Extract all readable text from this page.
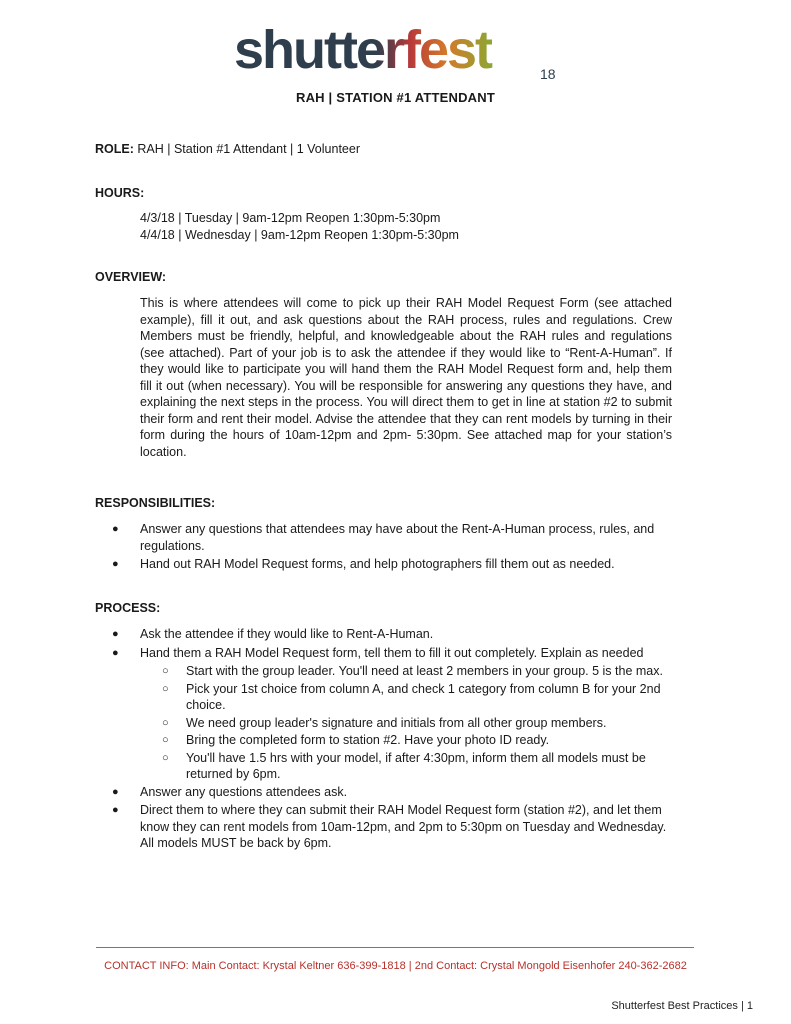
shutterfest	18
RAH | STATION #1 ATTENDANT
ROLE: RAH | Station #1 Attendant | 1 Volunteer
HOURS:
4/3/18 | Tuesday | 9am-12pm Reopen 1:30pm-5:30pm
4/4/18 | Wednesday | 9am-12pm Reopen 1:30pm-5:30pm
OVERVIEW:
This is where attendees will come to pick up their RAH Model Request Form (see attached example), fill it out, and ask questions about the RAH process, rules and regulations. Crew Members must be friendly, helpful, and knowledgeable about the RAH rules and regulations (see attached). Part of your job is to ask the attendee if they would like to “Rent-A-Human”. If they would like to participate you will hand them the RAH Model Request form and, help them fill it out (when necessary). You will be responsible for answering any questions they have, and explaining the next steps in the process. You will direct them to get in line at station #2 to submit their form and rent their model. Advise the attendee that they can rent models by turning in their form during the hours of 10am-12pm and 2pm- 5:30pm. See attached map for your station’s location.
RESPONSIBILITIES:
●	Answer any questions that attendees may have about the Rent-A-Human process, rules, and regulations.
●	Hand out RAH Model Request forms, and help photographers fill them out as needed.
PROCESS:
●	Ask the attendee if they would like to Rent-A-Human.
●	Hand them a RAH Model Request form, tell them to fill it out completely. Explain as needed
○ Start with the group leader. You'll need at least 2 members in your group. 5 is the max.
○ Pick your 1st choice from column A, and check 1 category from column B for your 2nd choice.
○ We need group leader's signature and initials from all other group members.
○ Bring the completed form to station #2. Have your photo ID ready.
○ You'll have 1.5 hrs with your model, if after 4:30pm, inform them all models must be returned by 6pm.
●	Answer any questions attendees ask.
●	Direct them to where they can submit their RAH Model Request form (station #2), and let them know they can rent models from 10am-12pm, and 2pm to 5:30pm on Tuesday and Wednesday. All models MUST be back by 6pm.
CONTACT INFO: Main Contact: Krystal Keltner 636-399-1818 | 2nd Contact: Crystal Mongold Eisenhofer 240-362-2682
Shutterfest Best Practices | 1
